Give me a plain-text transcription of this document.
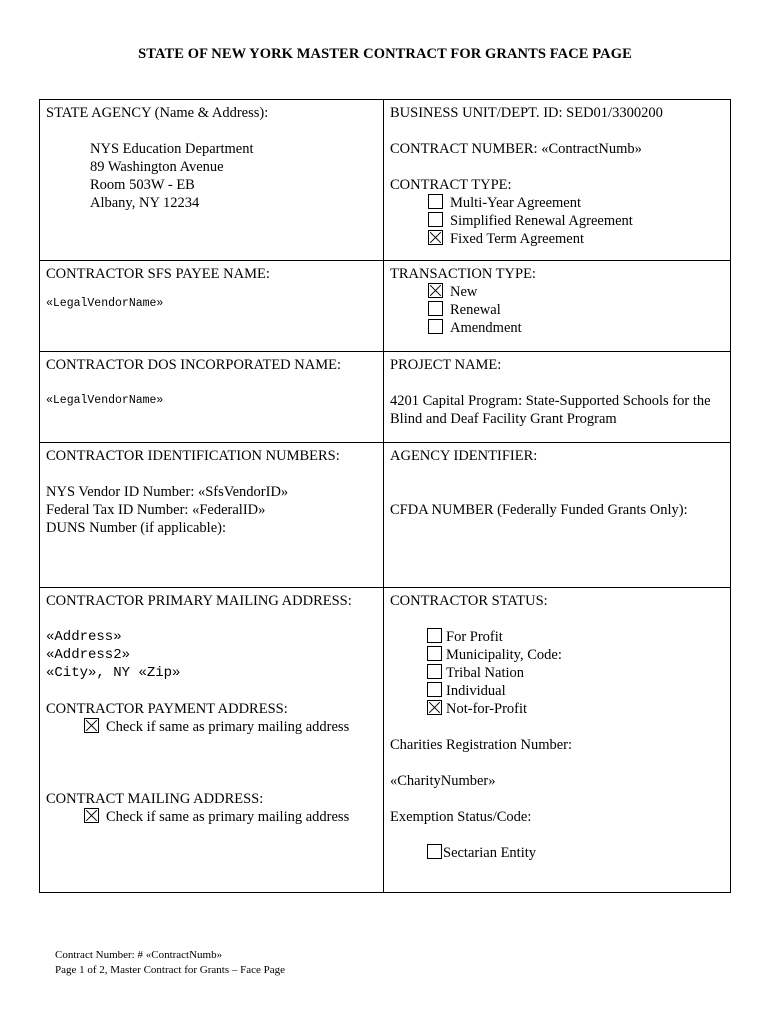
STATE OF NEW YORK MASTER CONTRACT FOR GRANTS FACE PAGE
STATE AGENCY (Name & Address):
NYS Education Department
89 Washington Avenue
Room 503W - EB
Albany, NY 12234
BUSINESS UNIT/DEPT. ID: SED01/3300200
CONTRACT NUMBER: «ContractNumb»
CONTRACT TYPE:
Multi-Year Agreement
Simplified Renewal Agreement
Fixed Term Agreement
CONTRACTOR SFS PAYEE NAME:
«LegalVendorName»
TRANSACTION TYPE:
New
Renewal
Amendment
CONTRACTOR DOS INCORPORATED NAME:
«LegalVendorName»
PROJECT NAME:
4201 Capital Program: State-Supported Schools for the Blind and Deaf Facility Grant Program
CONTRACTOR IDENTIFICATION NUMBERS:
NYS Vendor ID Number: «SfsVendorID»
Federal Tax ID Number: «FederalID»
DUNS Number (if applicable):
AGENCY IDENTIFIER:
CFDA NUMBER (Federally Funded Grants Only):
CONTRACTOR PRIMARY MAILING ADDRESS:
«Address»
«Address2»
«City», NY «Zip»
CONTRACTOR PAYMENT ADDRESS:
Check if same as primary mailing address
CONTRACT MAILING ADDRESS:
Check if same as primary mailing address
CONTRACTOR STATUS:
For Profit
Municipality, Code:
Tribal Nation
Individual
Not-for-Profit
Charities Registration Number:
«CharityNumber»
Exemption Status/Code:
Sectarian Entity
Contract Number: # «ContractNumb»
Page 1 of 2, Master Contract for Grants – Face Page
